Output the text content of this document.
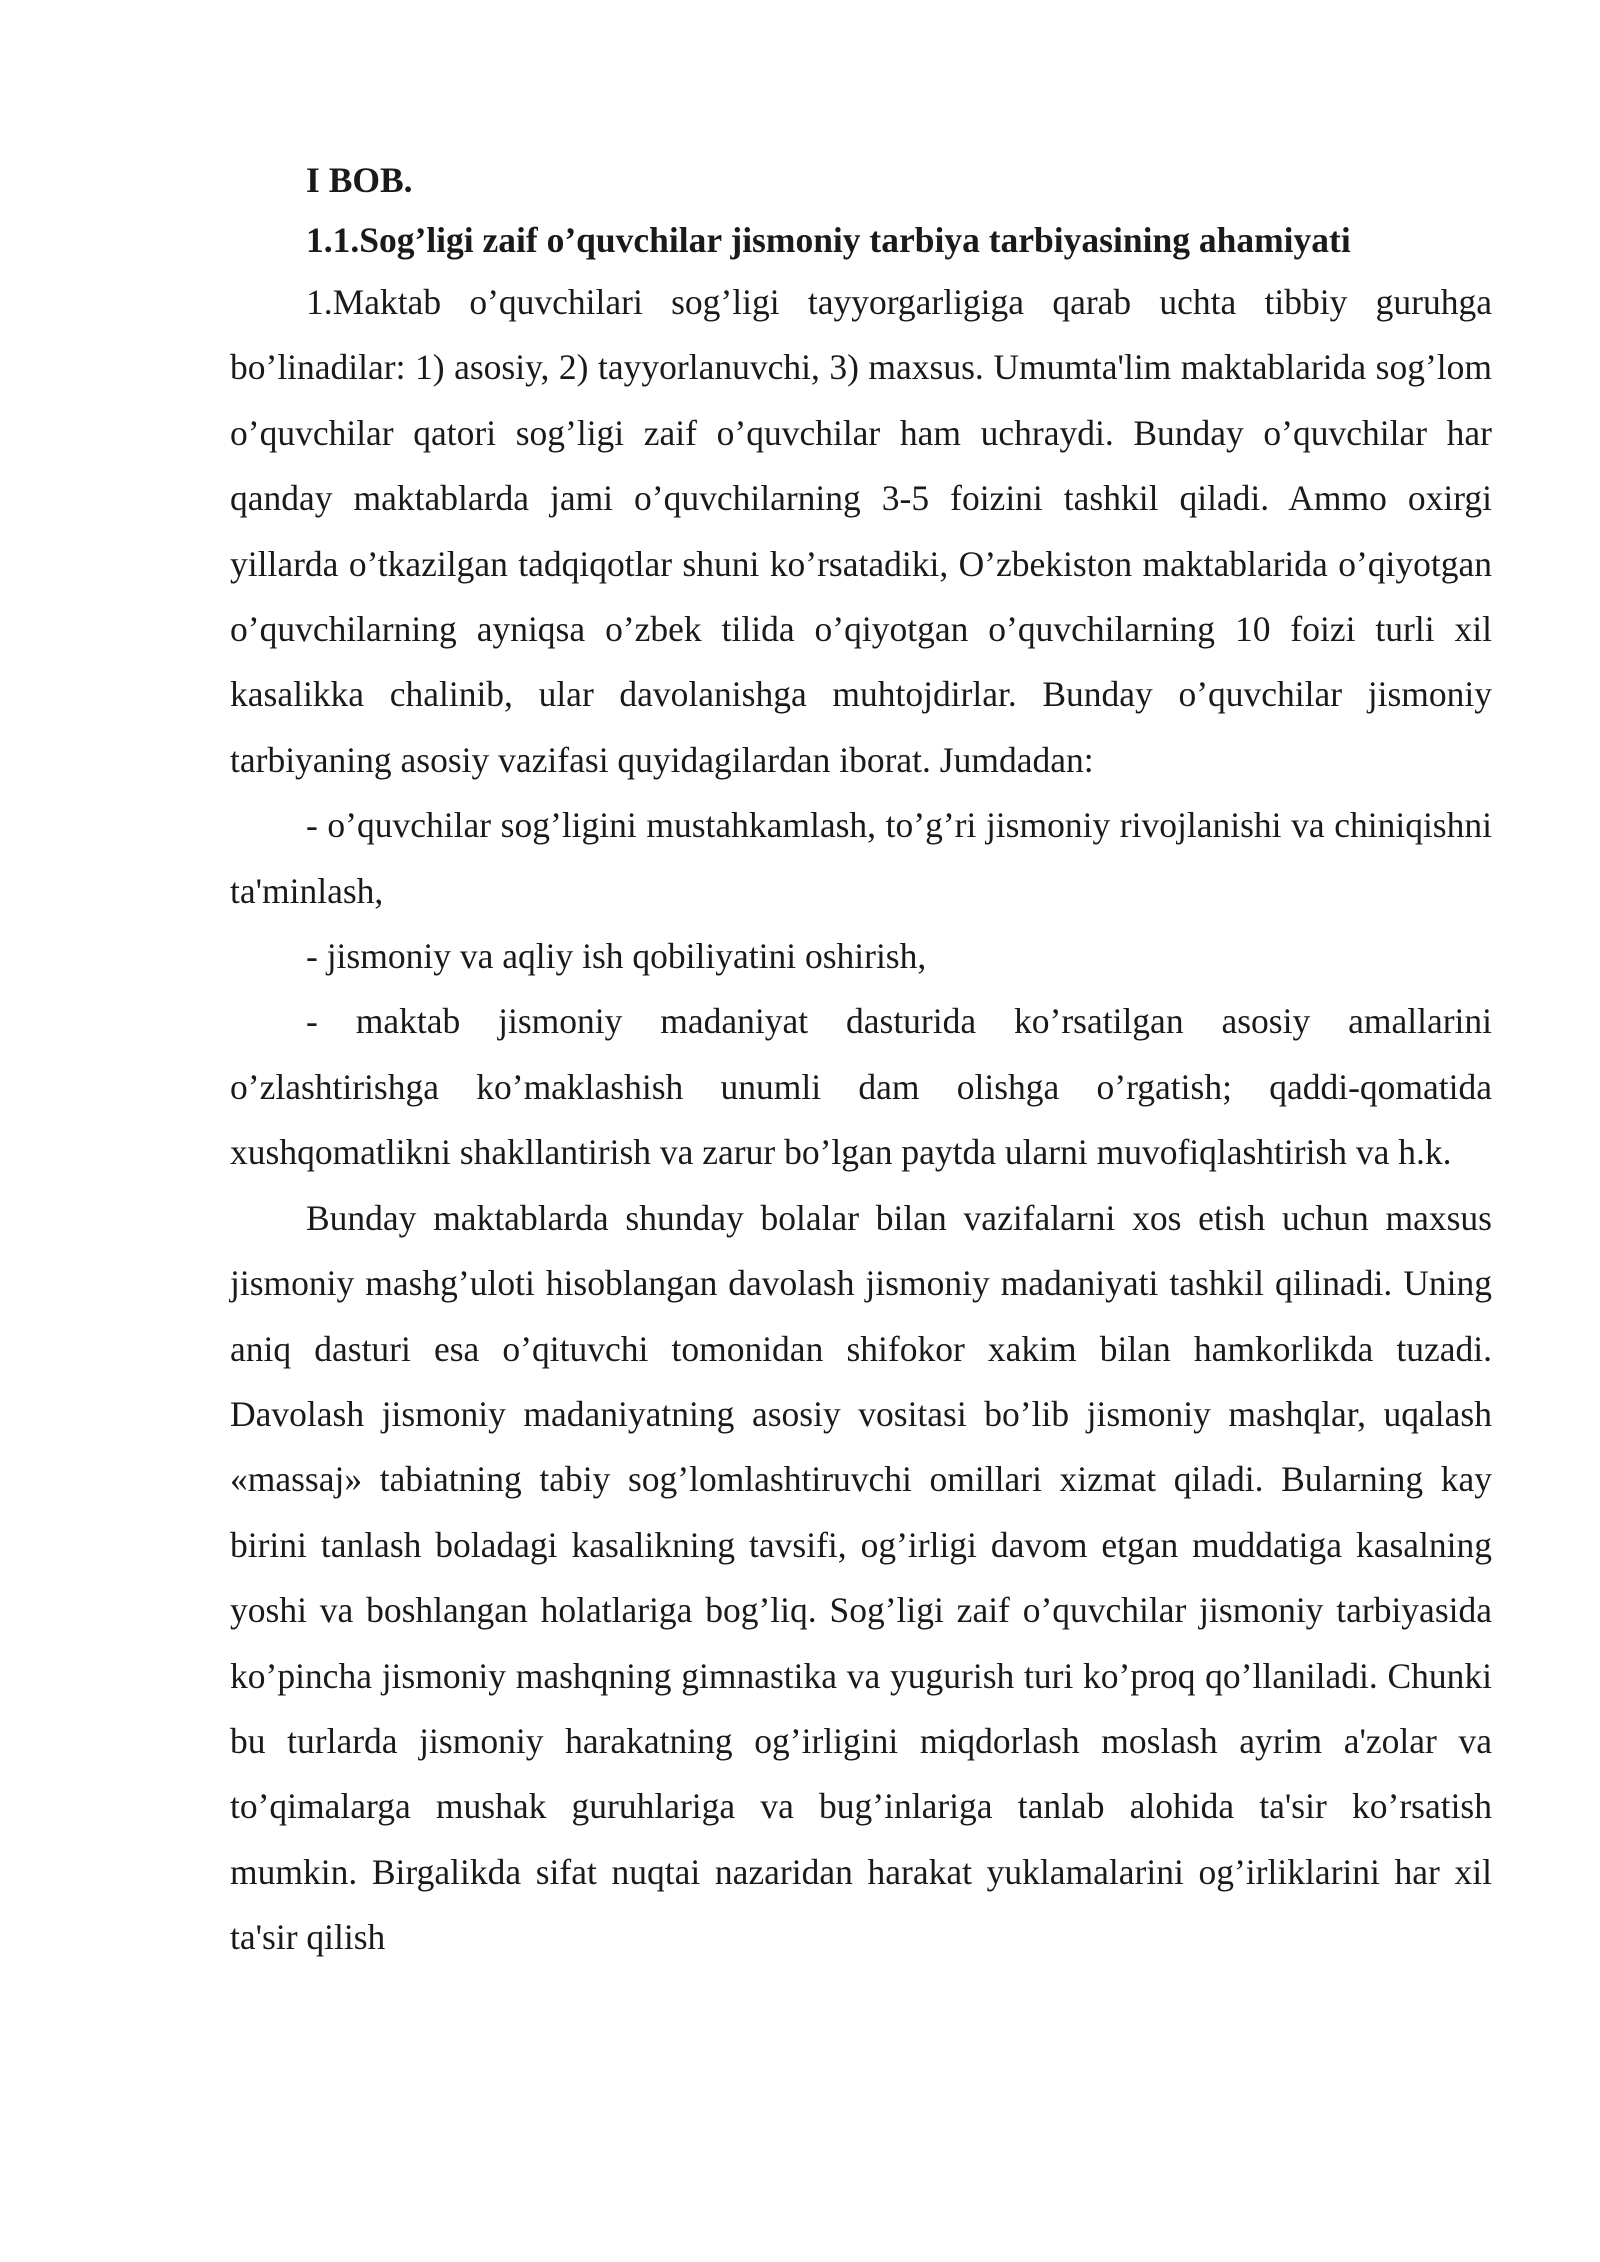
I BOB.

1.1.Sog’ligi zaif o’quvchilar jismoniy tarbiya tarbiyasining ahamiyati

1.Maktab o’quvchilari sog’ligi tayyorgarligiga qarab uchta tibbiy guruhga bo’linadilar: 1) asosiy, 2) tayyorlanuvchi, 3) maxsus. Umumta'lim maktablarida sog’lom o’quvchilar qatori sog’ligi zaif o’quvchilar ham uchraydi. Bunday o’quvchilar har qanday maktablarda jami o’quvchilarning 3-5 foizini tashkil qiladi. Ammo oxirgi yillarda o’tkazilgan tadqiqotlar shuni ko’rsatadiki, O’zbekiston maktablarida o’qiyotgan o’quvchilarning ayniqsa o’zbek tilida o’qiyotgan o’quvchilarning 10 foizi turli xil kasalikka chalinib, ular davolanishga muhtojdirlar. Bunday o’quvchilar jismoniy tarbiyaning asosiy vazifasi quyidagilardan iborat. Jumdadan:

- o’quvchilar sog’ligini mustahkamlash, to’g’ri jismoniy rivojlanishi va chiniqishni ta'minlash,

- jismoniy va aqliy ish qobiliyatini oshirish,

- maktab jismoniy madaniyat dasturida ko’rsatilgan asosiy amallarini o’zlashtirishga ko’maklashish unumli dam olishga o’rgatish; qaddi-qomatida xushqomatlikni shakllantirish va zarur bo’lgan paytda ularni muvofiqlashtirish va h.k.

Bunday maktablarda shunday bolalar bilan vazifalarni xos etish uchun maxsus jismoniy mashg’uloti hisoblangan davolash jismoniy madaniyati tashkil qilinadi. Uning aniq dasturi esa o’qituvchi tomonidan shifokor xakim bilan hamkorlikda tuzadi. Davolash jismoniy madaniyatning asosiy vositasi bo’lib jismoniy mashqlar, uqalash «massaj» tabiatning tabiy sog’lomlashtiruvchi omillari xizmat qiladi. Bularning kay birini tanlash boladagi kasalikning tavsifi, og’irligi davom etgan muddatiga kasalning yoshi va boshlangan holatlariga bog’liq. Sog’ligi zaif o’quvchilar jismoniy tarbiyasida ko’pincha jismoniy mashqning gimnastika va yugurish turi ko’proq qo’llaniladi. Chunki bu turlarda jismoniy harakatning og’irligini miqdorlash moslash ayrim a'zolar va to’qimalarga mushak guruhlariga va bug’inlariga tanlab alohida ta'sir ko’rsatish mumkin. Birgalikda sifat nuqtai nazaridan harakat yuklamalarini og’irliklarini har xil ta'sir qilish
